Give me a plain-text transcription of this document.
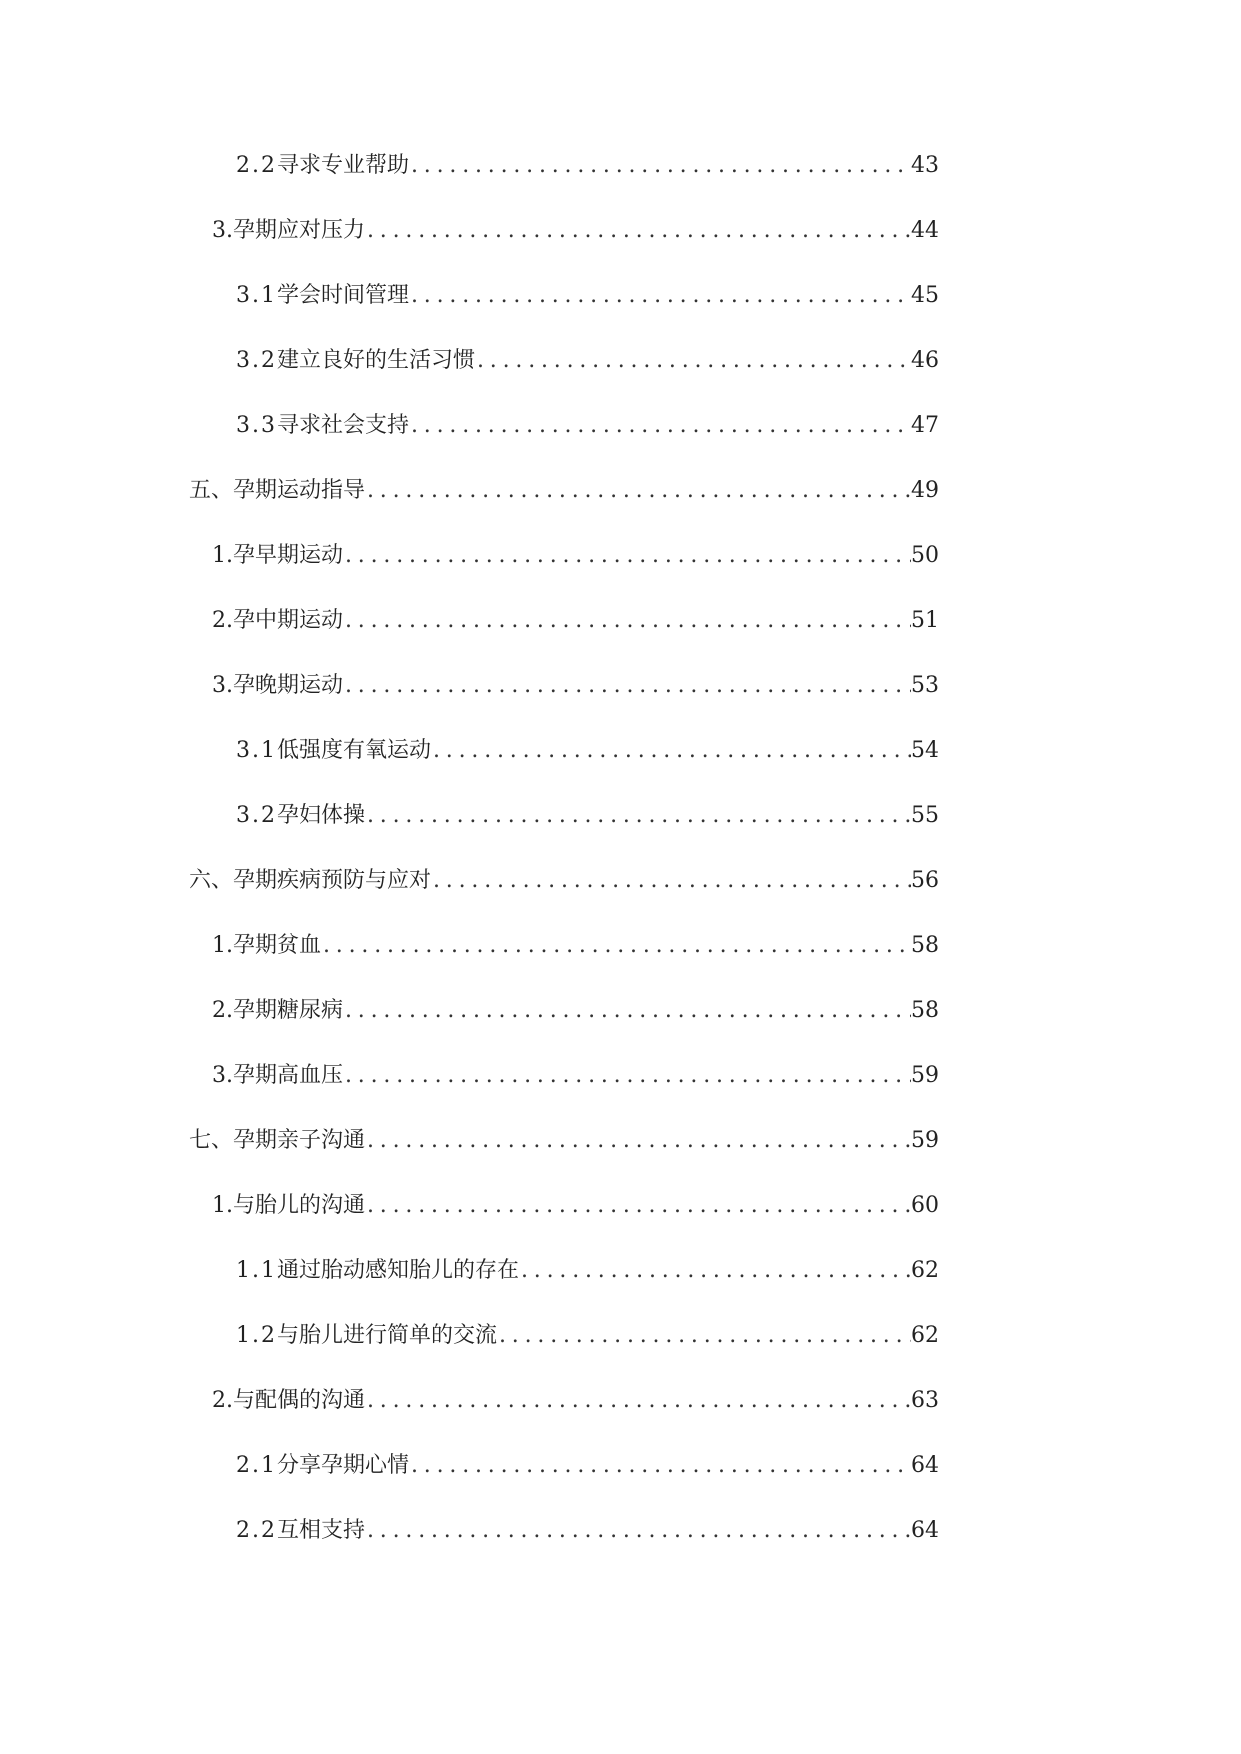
2.2 寻求专业帮助 .....	43
3. 孕期应对压力 .....	44
3.1 学会时间管理 .....	45
3.2 建立良好的生活习惯 .....	46
3.3 寻求社会支持 .....	47
五、孕期运动指导 .....	49
1. 孕早期运动 .....	50
2. 孕中期运动 .....	51
3. 孕晚期运动 .....	53
3.1 低强度有氧运动 .....	54
3.2 孕妇体操 .....	55
六、孕期疾病预防与应对 .....	56
1. 孕期贫血 .....	58
2. 孕期糖尿病 .....	58
3. 孕期高血压 .....	59
七、孕期亲子沟通 .....	59
1. 与胎儿的沟通 .....	60
1.1 通过胎动感知胎儿的存在 .....	62
1.2 与胎儿进行简单的交流 .....	62
2. 与配偶的沟通 .....	63
2.1 分享孕期心情 .....	64
2.2 互相支持 .....	64
